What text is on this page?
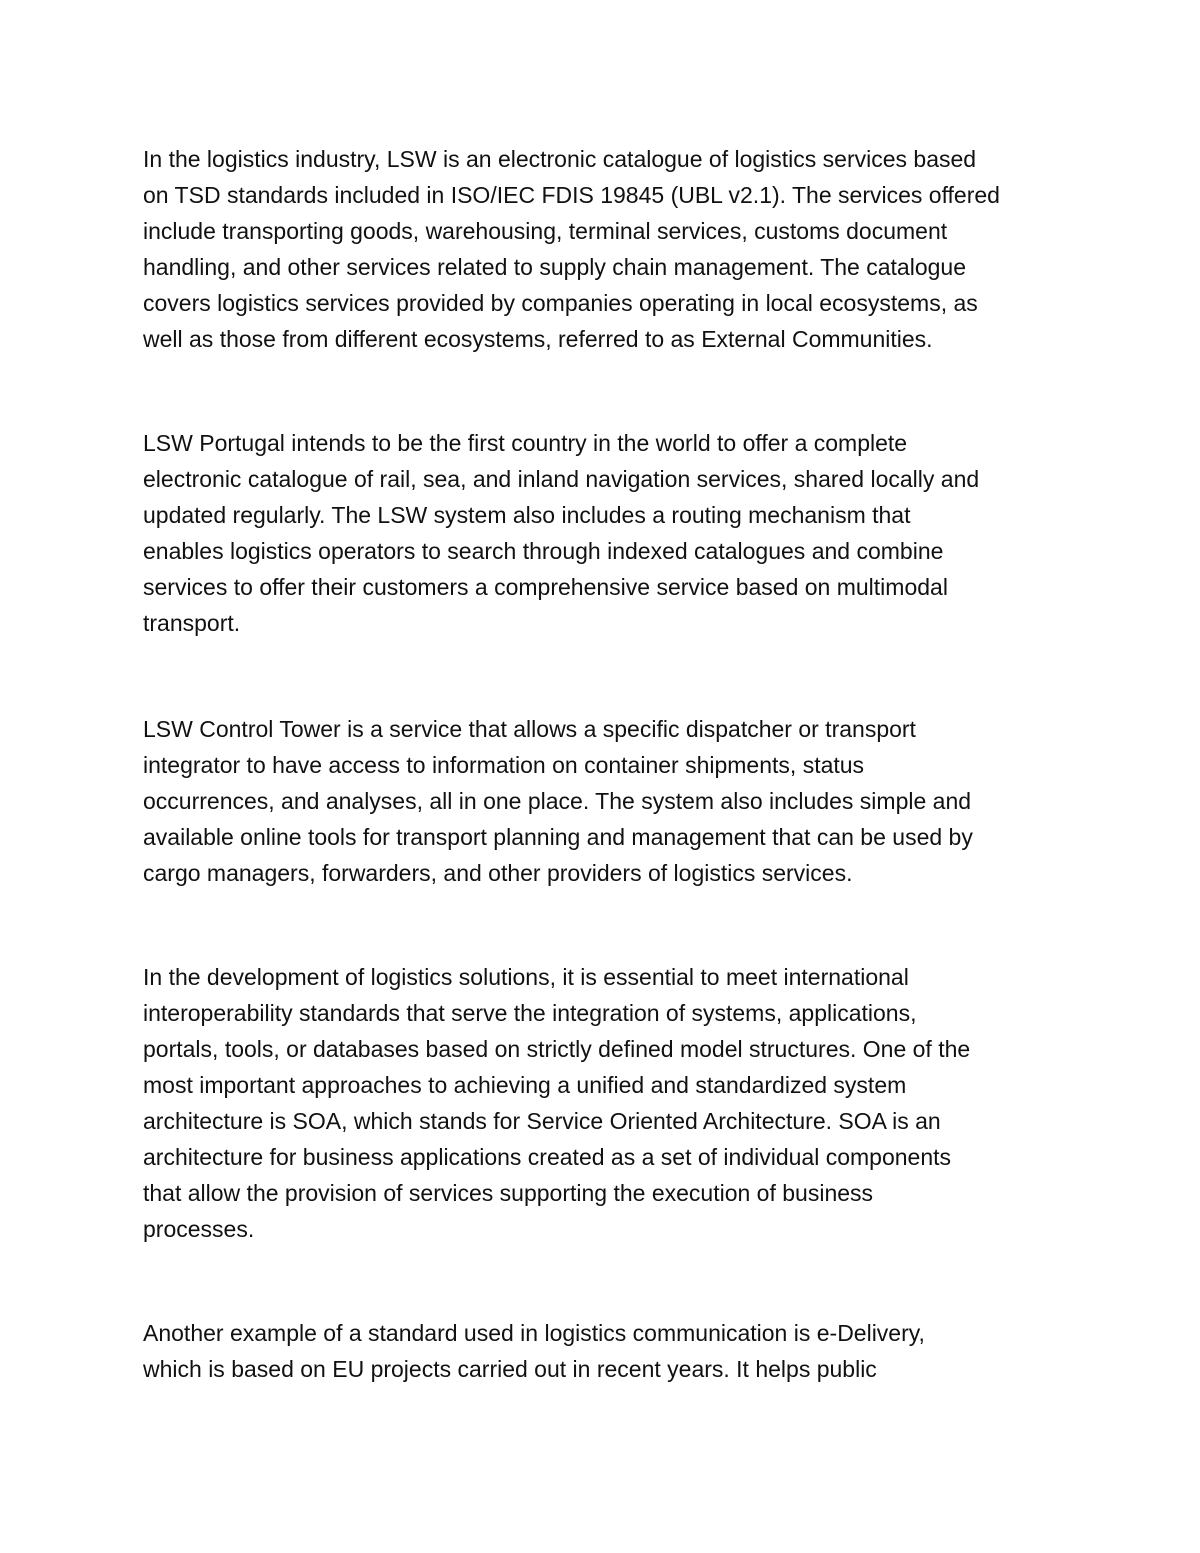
In the logistics industry, LSW is an electronic catalogue of logistics services based
on TSD standards included in ISO/IEC FDIS 19845 (UBL v2.1). The services offered
include transporting goods, warehousing, terminal services, customs document
handling, and other services related to supply chain management. The catalogue
covers logistics services provided by companies operating in local ecosystems, as
well as those from different ecosystems, referred to as External Communities.
LSW Portugal intends to be the first country in the world to offer a complete
electronic catalogue of rail, sea, and inland navigation services, shared locally and
updated regularly. The LSW system also includes a routing mechanism that
enables logistics operators to search through indexed catalogues and combine
services to offer their customers a comprehensive service based on multimodal
transport.
LSW Control Tower is a service that allows a specific dispatcher or transport
integrator to have access to information on container shipments, status
occurrences, and analyses, all in one place. The system also includes simple and
available online tools for transport planning and management that can be used by
cargo managers, forwarders, and other providers of logistics services.
In the development of logistics solutions, it is essential to meet international
interoperability standards that serve the integration of systems, applications,
portals, tools, or databases based on strictly defined model structures. One of the
most important approaches to achieving a unified and standardized system
architecture is SOA, which stands for Service Oriented Architecture. SOA is an
architecture for business applications created as a set of individual components
that allow the provision of services supporting the execution of business
processes.
Another example of a standard used in logistics communication is e-Delivery,
which is based on EU projects carried out in recent years. It helps public
